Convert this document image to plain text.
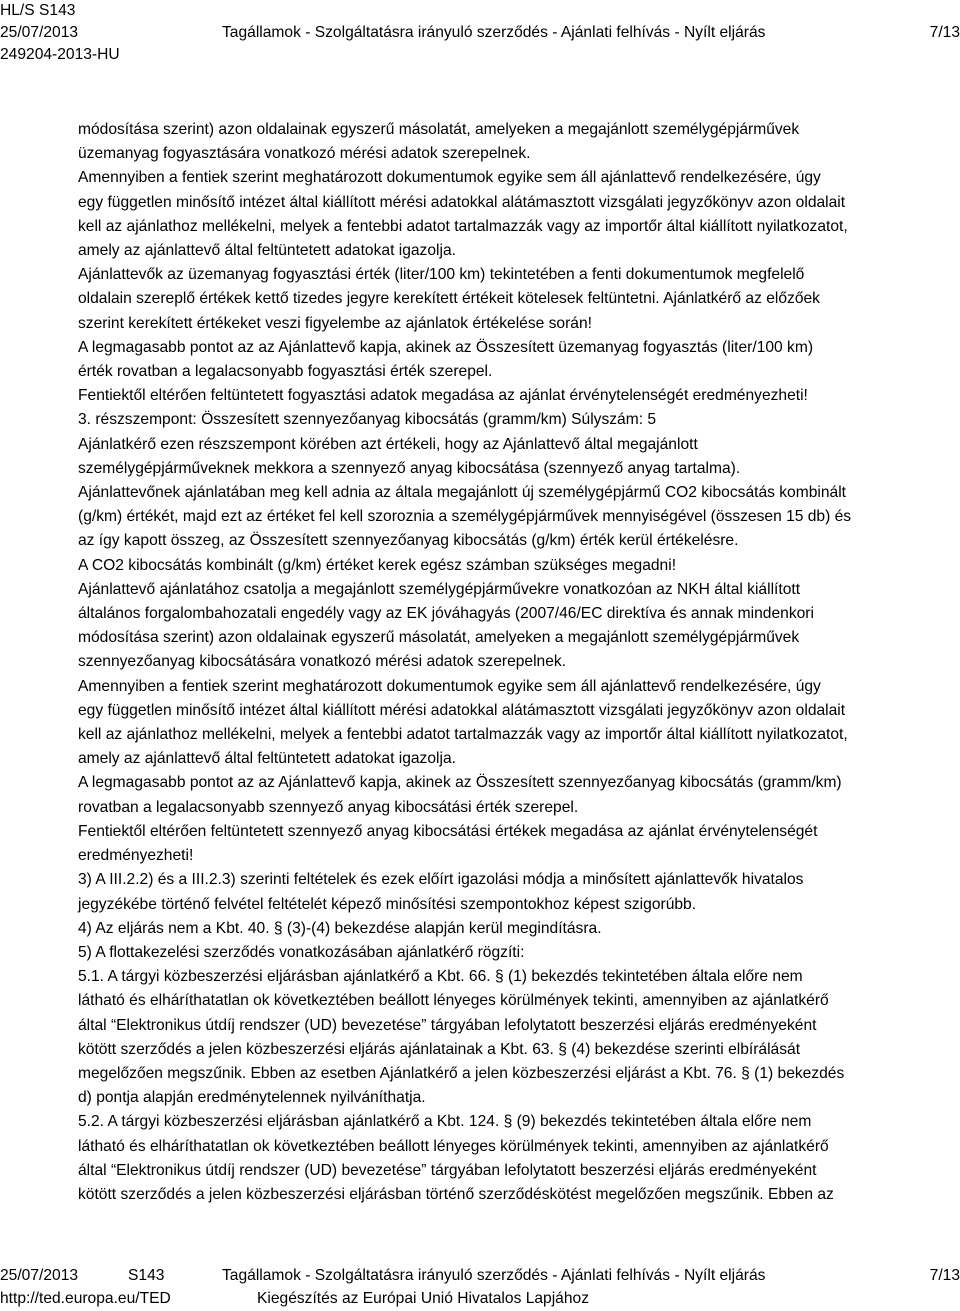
HL/S S143
25/07/2013	Tagállamok - Szolgáltatásra irányuló szerződés - Ajánlati felhívás - Nyílt eljárás	7/13
249204-2013-HU

módosítása szerint) azon oldalainak egyszerű másolatát, amelyeken a megajánlott személygépjárművek

üzemanyag fogyasztására vonatkozó mérési adatok szerepelnek.

Amennyiben a fentiek szerint meghatározott dokumentumok egyike sem áll ajánlattevő rendelkezésére, úgy

egy független minősítő intézet által kiállított mérési adatokkal alátámasztott vizsgálati jegyzőkönyv azon oldalait

kell az ajánlathoz mellékelni, melyek a fentebbi adatot tartalmazzák vagy az importőr által kiállított nyilatkozatot,

amely az ajánlattevő által feltüntetett adatokat igazolja.

Ajánlattevők az üzemanyag fogyasztási érték (liter/100 km) tekintetében a fenti dokumentumok megfelelő

oldalain szereplő értékek kettő tizedes jegyre kerekített értékeit kötelesek feltüntetni. Ajánlatkérő az előzőek

szerint kerekített értékeket veszi figyelembe az ajánlatok értékelése során!

A legmagasabb pontot az az Ajánlattevő kapja, akinek az Összesített üzemanyag fogyasztás (liter/100 km)

érték rovatban a legalacsonyabb fogyasztási érték szerepel.

Fentiektől eltérően feltüntetett fogyasztási adatok megadása az ajánlat érvénytelenségét eredményezheti!

3. részszempont: Összesített szennyezőanyag kibocsátás (gramm/km) Súlyszám: 5

Ajánlatkérő ezen részszempont körében azt értékeli, hogy az Ajánlattevő által megajánlott

személygépjárműveknek mekkora a szennyező anyag kibocsátása (szennyező anyag tartalma).

Ajánlattevőnek ajánlatában meg kell adnia az általa megajánlott új személygépjármű CO2 kibocsátás kombinált

(g/km) értékét, majd ezt az értéket fel kell szoroznia a személygépjárművek mennyiségével (összesen 15 db) és

az így kapott összeg, az Összesített szennyezőanyag kibocsátás (g/km) érték kerül értékelésre.

A CO2 kibocsátás kombinált (g/km) értéket kerek egész számban szükséges megadni!

Ajánlattevő ajánlatához csatolja a megajánlott személygépjárművekre vonatkozóan az NKH által kiállított

általános forgalombahozatali engedély vagy az EK jóváhagyás (2007/46/EC direktíva és annak mindenkori

módosítása szerint) azon oldalainak egyszerű másolatát, amelyeken a megajánlott személygépjárművek

szennyezőanyag kibocsátására vonatkozó mérési adatok szerepelnek.

Amennyiben a fentiek szerint meghatározott dokumentumok egyike sem áll ajánlattevő rendelkezésére, úgy

egy független minősítő intézet által kiállított mérési adatokkal alátámasztott vizsgálati jegyzőkönyv azon oldalait

kell az ajánlathoz mellékelni, melyek a fentebbi adatot tartalmazzák vagy az importőr által kiállított nyilatkozatot,

amely az ajánlattevő által feltüntetett adatokat igazolja.

A legmagasabb pontot az az Ajánlattevő kapja, akinek az Összesített szennyezőanyag kibocsátás (gramm/km)

rovatban a legalacsonyabb szennyező anyag kibocsátási érték szerepel.

Fentiektől eltérően feltüntetett szennyező anyag kibocsátási értékek megadása az ajánlat érvénytelenségét

eredményezheti!

3) A III.2.2) és a III.2.3) szerinti feltételek és ezek előírt igazolási módja a minősített ajánlattevők hivatalos

jegyzékébe történő felvétel feltételét képező minősítési szempontokhoz képest szigorúbb.

4) Az eljárás nem a Kbt. 40. § (3)-(4) bekezdése alapján kerül megindításra.

5) A flottakezelési szerződés vonatkozásában ajánlatkérő rögzíti:

5.1. A tárgyi közbeszerzési eljárásban ajánlatkérő a Kbt. 66. § (1) bekezdés tekintetében általa előre nem

látható és elháríthatatlan ok következtében beállott lényeges körülmények tekinti, amennyiben az ajánlatkérő

által “Elektronikus útdíj rendszer (UD) bevezetése” tárgyában lefolytatott beszerzési eljárás eredményeként

kötött szerződés a jelen közbeszerzési eljárás ajánlatainak a Kbt. 63. § (4) bekezdése szerinti elbírálását

megelőzően megszűnik. Ebben az esetben Ajánlatkérő a jelen közbeszerzési eljárást a Kbt. 76. § (1) bekezdés

d) pontja alapján eredménytelennek nyilváníthatja.

5.2. A tárgyi közbeszerzési eljárásban ajánlatkérő a Kbt. 124. § (9) bekezdés tekintetében általa előre nem

látható és elháríthatatlan ok következtében beállott lényeges körülmények tekinti, amennyiben az ajánlatkérő

által “Elektronikus útdíj rendszer (UD) bevezetése” tárgyában lefolytatott beszerzési eljárás eredményeként

kötött szerződés a jelen közbeszerzési eljárásban történő szerződéskötést megelőzően megszűnik. Ebben az

25/07/2013	S143	Tagállamok - Szolgáltatásra irányuló szerződés - Ajánlati felhívás - Nyílt eljárás	7/13
http://ted.europa.eu/TED	Kiegészítés az Európai Unió Hivatalos Lapjához
